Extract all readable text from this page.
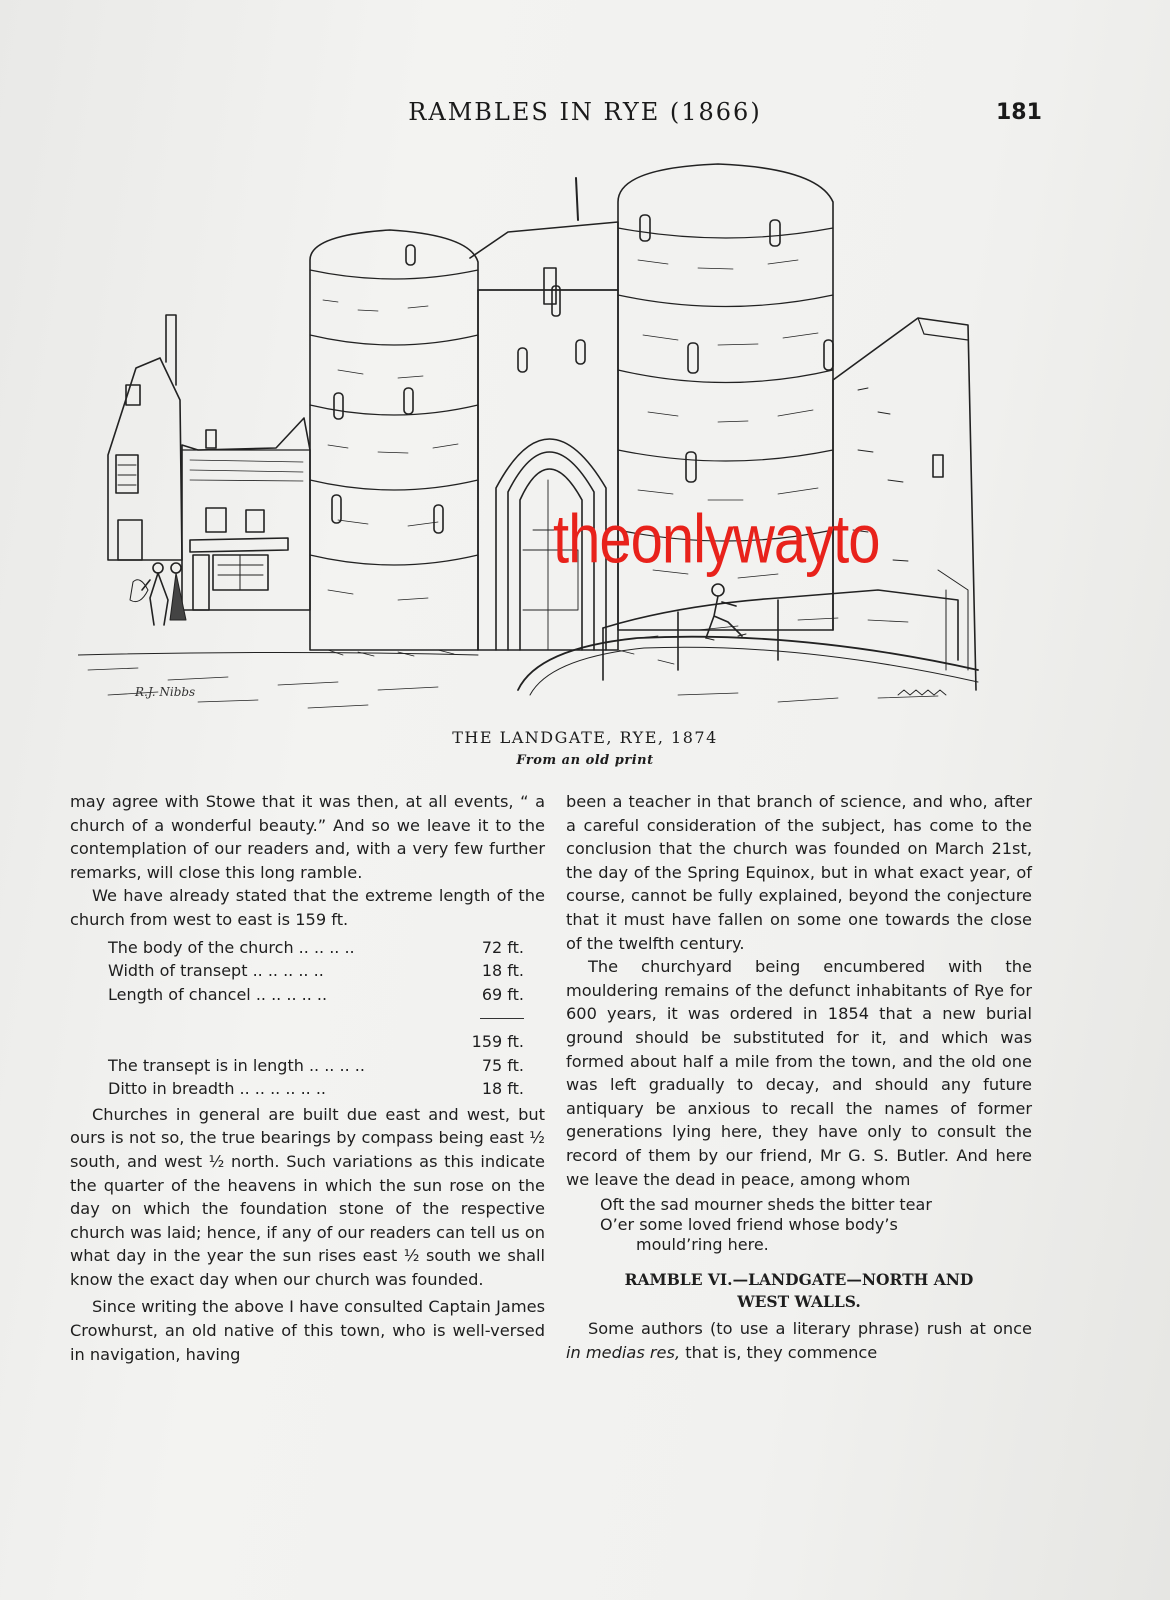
RAMBLES IN RYE (1866)	181
R.J. Nibbs
theonlywayto
THE LANDGATE, RYE, 1874
From an old print

may agree with Stowe that it was then, at all events, “ a church of a wonderful beauty.” And so we leave it to the contemplation of our readers and, with a very few further remarks, will close this long ramble.

We have already stated that the extreme length of the church from west to east is 159 ft.

The body of the church .. .. .. ..	72 ft.
Width of transept .. .. .. .. ..	18 ft.
Length of chancel .. .. .. .. ..	69 ft.

	159 ft.
The transept is in length .. .. .. ..	75 ft.
Ditto in breadth .. .. .. .. .. ..	18 ft.

Churches in general are built due east and west, but ours is not so, the true bearings by compass being east ½ south, and west ½ north. Such variations as this indicate the quarter of the heavens in which the sun rose on the day on which the foundation stone of the respective church was laid; hence, if any of our readers can tell us on what day in the year the sun rises east ½ south we shall know the exact day when our church was founded.

Since writing the above I have consulted Captain James Crowhurst, an old native of this town, who is well-versed in navigation, having

been a teacher in that branch of science, and who, after a careful consideration of the subject, has come to the conclusion that the church was founded on March 21st, the day of the Spring Equinox, but in what exact year, of course, cannot be fully explained, beyond the conjecture that it must have fallen on some one towards the close of the twelfth century.

The churchyard being encumbered with the mouldering remains of the defunct inhabitants of Rye for 600 years, it was ordered in 1854 that a new burial ground should be substituted for it, and which was formed about half a mile from the town, and the old one was left gradually to decay, and should any future antiquary be anxious to recall the names of former generations lying here, they have only to consult the record of them by our friend, Mr G. S. Butler. And here we leave the dead in peace, among whom

Oft the sad mourner sheds the bitter tear
O’er some loved friend whose body’s
mould’ring here.
RAMBLE VI.—LANDGATE—NORTH AND
WEST WALLS.

Some authors (to use a literary phrase) rush at once in medias res, that is, they commence
